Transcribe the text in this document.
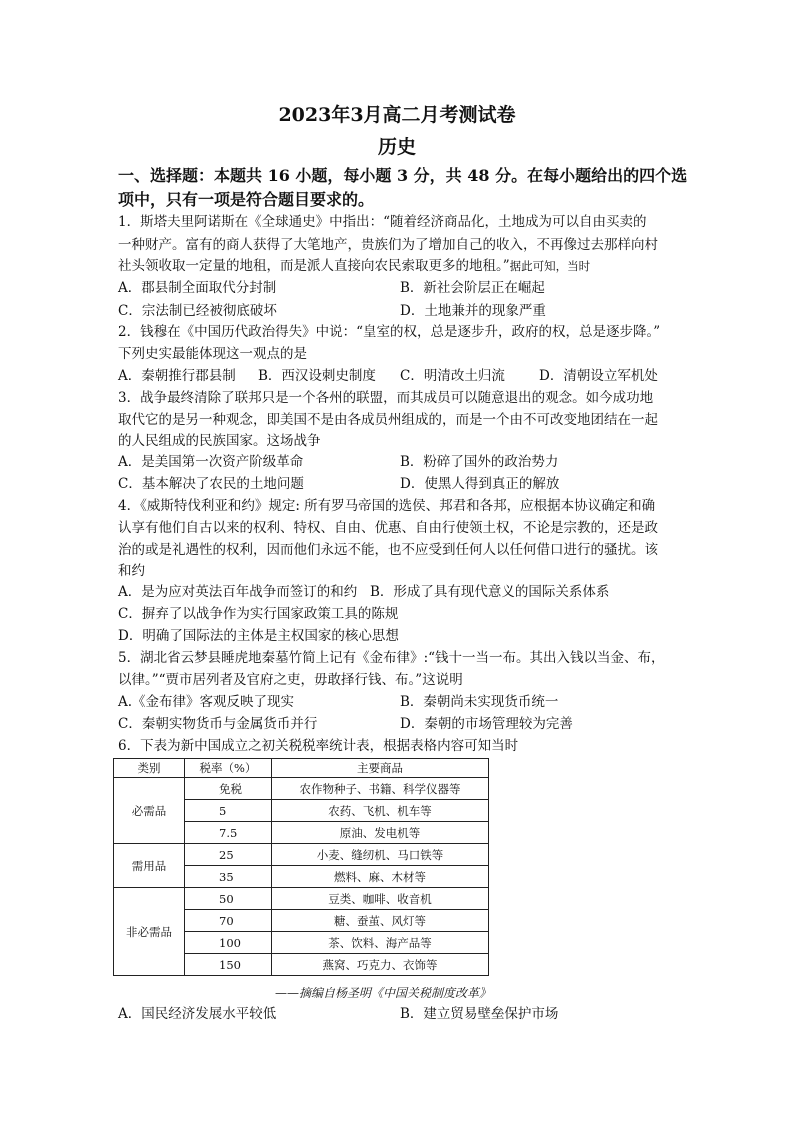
2023年3月高二月考测试卷
历史
一、选择题：本题共 16 小题，每小题 3 分，共 48 分。在每小题给出的四个选
项中，只有一项是符合题目要求的。
1．斯塔夫里阿诺斯在《全球通史》中指出：“随着经济商品化，土地成为可以自由买卖的
一种财产。富有的商人获得了大笔地产，贵族们为了增加自己的收入，不再像过去那样向村
社头领收取一定量的地租，而是派人直接向农民索取更多的地租。”据此可知，当时
A．郡县制全面取代分封制	B．新社会阶层正在崛起
C．宗法制已经被彻底破坏	D．土地兼并的现象严重
2．钱穆在《中国历代政治得失》中说：“皇室的权，总是逐步升，政府的权，总是逐步降。”
下列史实最能体现这一观点的是
A．秦朝推行郡县制 B．西汉设刺史制度 C．明清改土归流	D．清朝设立军机处
3．战争最终清除了联邦只是一个各州的联盟，而其成员可以随意退出的观念。如今成功地
取代它的是另一种观念，即美国不是由各成员州组成的，而是一个由不可改变地团结在一起
的人民组成的民族国家。这场战争
A．是美国第一次资产阶级革命	B．粉碎了国外的政治势力
C．基本解决了农民的土地问题	D．使黑人得到真正的解放
4．《威斯特伐利亚和约》规定: 所有罗马帝国的选侯、邦君和各邦，应根据本协议确定和确
认享有他们自古以来的权利、特权、自由、优惠、自由行使领土权，不论是宗教的，还是政
治的或是礼遇性的权利，因而他们永远不能，也不应受到任何人以任何借口进行的骚扰。该
和约
A．是为应对英法百年战争而签订的和约 B．形成了具有现代意义的国际关系体系
C．摒弃了以战争作为实行国家政策工具的陈规
D．明确了国际法的主体是主权国家的核心思想
5．湖北省云梦县睡虎地秦墓竹简上记有《金布律》:“钱十一当一布。其出入钱以当金、布，
以律。”“贾市居列者及官府之吏，毋敢择行钱、布。”这说明
A.《金布律》客观反映了现实	B．秦朝尚未实现货币统一
C．秦朝实物货币与金属货币并行	D．秦朝的市场管理较为完善
6．下表为新中国成立之初关税税率统计表，根据表格内容可知当时
类别	税率（%）	主要商品
必需品	免税	农作物种子、书籍、科学仪器等
	5	农药、飞机、机车等
	7.5	原油、发电机等
需用品	25	小麦、缝纫机、马口铁等
	35	燃料、麻、木材等
非必需品	50	豆类、咖啡、收音机
	70	糖、蚕茧、风灯等
	100	茶、饮料、海产品等
	150	燕窝、巧克力、衣饰等
——摘编自杨圣明《中国关税制度改革》
A．国民经济发展水平较低	B．建立贸易壁垒保护市场
